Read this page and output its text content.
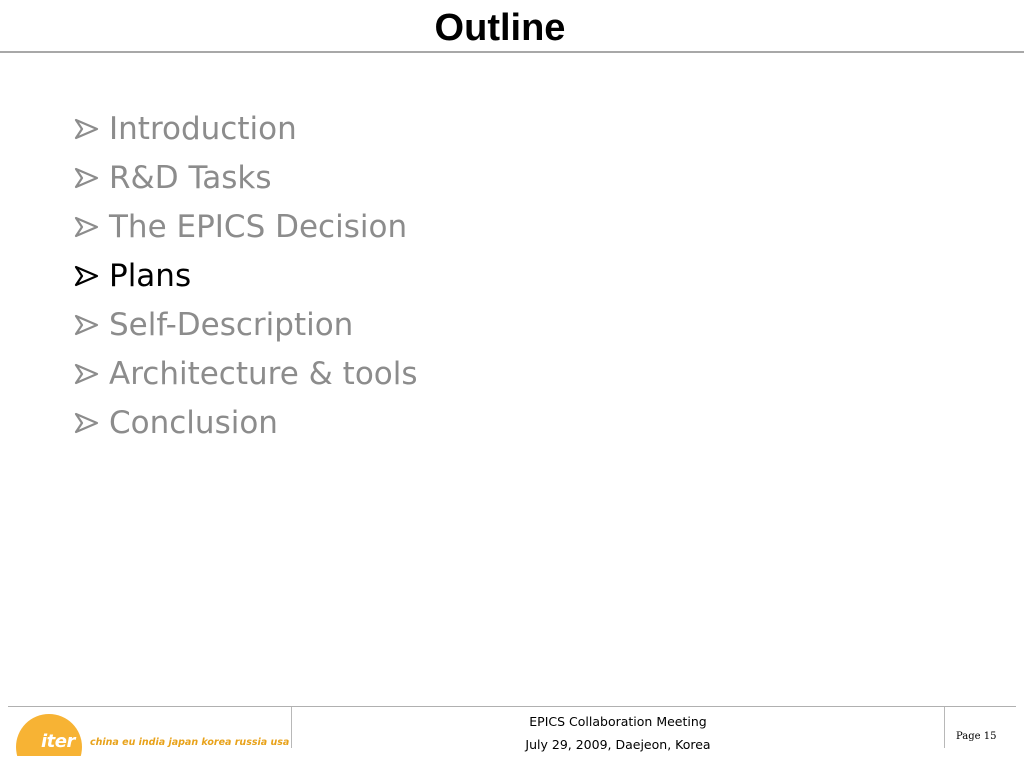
Outline
Introduction
R&D Tasks
The EPICS Decision
Plans
Self-Description
Architecture & tools
Conclusion
iter china eu india japan korea russia usa
EPICS Collaboration Meeting
July 29, 2009, Daejeon, Korea
Page 15
